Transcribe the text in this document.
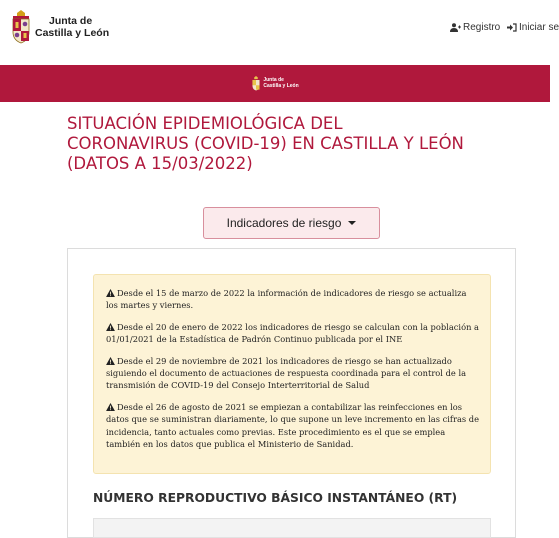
Junta de
Castilla y León	Registro Iniciar se
Junta de
Castilla y León
SITUACIÓN EPIDEMIOLÓGICA DEL CORONAVIRUS (COVID-19) EN CASTILLA Y LEÓN (DATOS A 15/03/2022)
Indicadores de riesgo

Desde el 15 de marzo de 2022 la información de indicadores de riesgo se actualiza los martes y viernes.

Desde el 20 de enero de 2022 los indicadores de riesgo se calculan con la población a 01/01/2021 de la Estadística de Padrón Continuo publicada por el INE

Desde el 29 de noviembre de 2021 los indicadores de riesgo se han actualizado siguiendo el documento de actuaciones de respuesta coordinada para el control de la transmisión de COVID-19 del Consejo Interterritorial de Salud

Desde el 26 de agosto de 2021 se empiezan a contabilizar las reinfecciones en los datos que se suministran diariamente, lo que supone un leve incremento en las cifras de incidencia, tanto actuales como previas. Este procedimiento es el que se emplea también en los datos que publica el Ministerio de Sanidad.

NÚMERO REPRODUCTIVO BÁSICO INSTANTÁNEO (RT)
